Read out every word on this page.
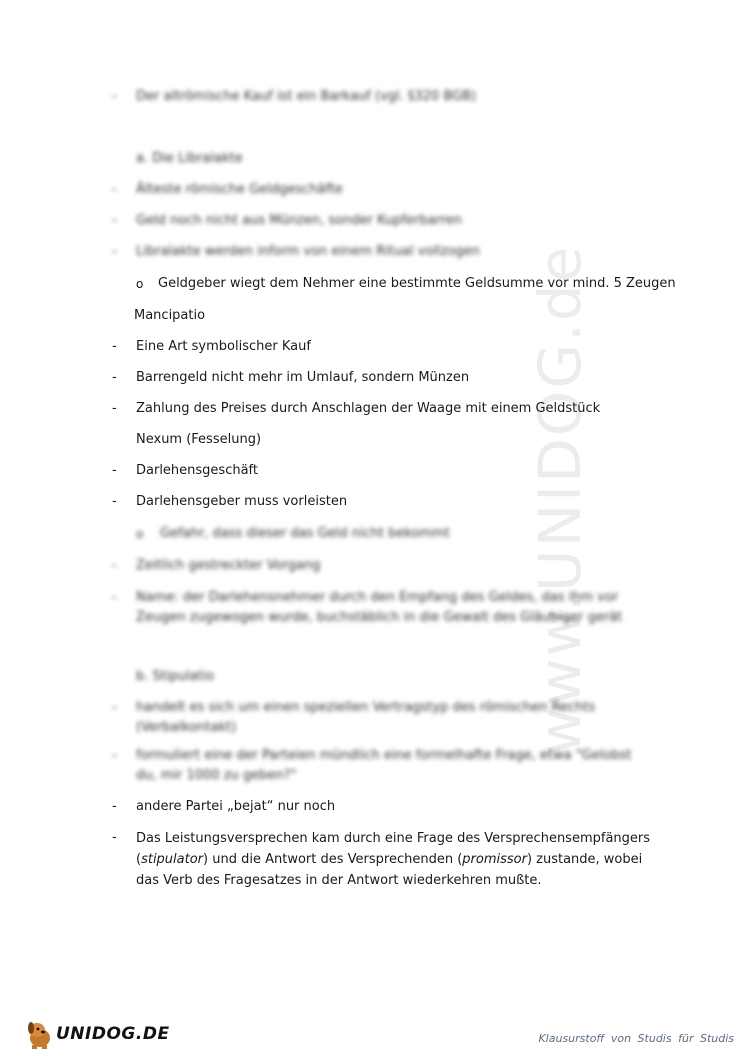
www.UNIDOG.de
- Der altrömische Kauf ist ein Barkauf (vgl. §320 BGB)
a. Die Libralakte
- Älteste römische Geldgeschäfte
- Geld noch nicht aus Münzen, sonder Kupferbarren
- Libralakte werden inform von einem Ritual vollzogen
o Geldgeber wiegt dem Nehmer eine bestimmte Geldsumme vor mind. 5 Zeugen
Mancipatio
- Eine Art symbolischer Kauf
- Barrengeld nicht mehr im Umlauf, sondern Münzen
- Zahlung des Preises durch Anschlagen der Waage mit einem Geldstück
Nexum (Fesselung)
- Darlehensgeschäft
- Darlehensgeber muss vorleisten
o Gefahr, dass dieser das Geld nicht bekommt
- Zeitlich gestreckter Vorgang
- Name: der Darlehensnehmer durch den Empfang des Geldes, das ihm vor Zeugen zugewogen wurde, buchstäblich in die Gewalt des Gläubiger gerät
b. Stipulatio
- handelt es sich um einen speziellen Vertragstyp des römischen Rechts (Verbalkontakt)
- formuliert eine der Parteien mündlich eine formelhafte Frage, etwa "Gelobst du, mir 1000 zu geben?"
- andere Partei „bejat“ nur noch
- Das Leistungsversprechen kam durch eine Frage des Versprechensempfängers (stipulator) und die Antwort des Versprechenden (promissor) zustande, wobei das Verb des Fragesatzes in der Antwort wiederkehren mußte.
UNIDOG.DE	Klausurstoff von Studis für Studis
